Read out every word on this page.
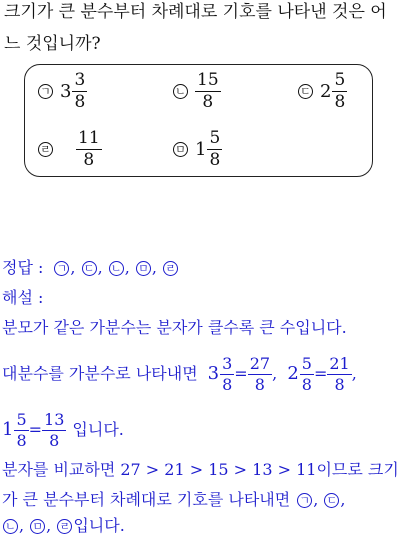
크기가 큰 분수부터 차례대로 기호를 나타낸 것은 어
느 것입니까?
ㄱ $3 \frac{3}{8}$	ㄴ $\frac{15}{8}$	ㄷ $2 \frac{5}{8}$
ㄹ $\frac{11}{8}$	ㅁ $1 \frac{5}{8}$
정답 : ㄱ , ㄷ , ㄴ , ㅁ , ㄹ
해설 :
분모가 같은 가분수는 분자가 클수록 큰 수입니다.
대분수를 가분수로 나타내면 $3 \frac{3}{8} = \frac{27}{8}$ , $2 \frac{5}{8} = \frac{21}{8}$ ,
$1 \frac{5}{8} = \frac{13}{8}$ 입니다.
분자를 비교하면 27 > 21 > 15 > 13 > 11이므로 크기
가 큰 분수부터 차례대로 기호를 나타내면 ㄱ , ㄷ ,
ㄴ , ㅁ , ㄹ 입니다.
